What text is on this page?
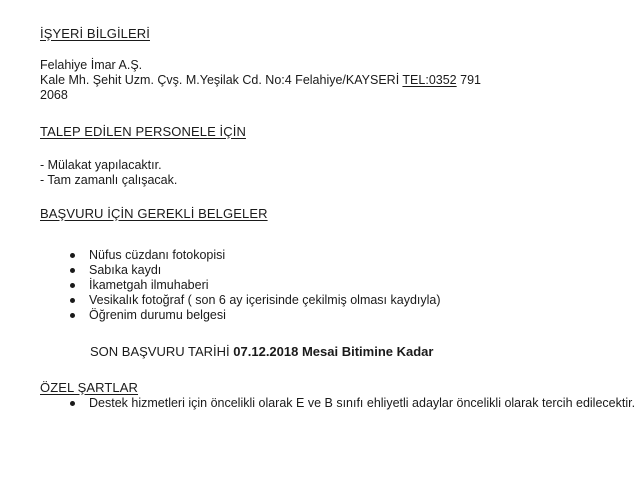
İŞYERİ BİLGİLERİ
Felahiye İmar A.Ş.
Kale Mh. Şehit Uzm. Çvş. M.Yeşilak Cd. No:4 Felahiye/KAYSERİ TEL:0352 791
2068
TALEP EDİLEN PERSONELE İÇİN
- Mülakat yapılacaktır.
- Tam zamanlı çalışacak.
BAŞVURU İÇİN GEREKLİ BELGELER
Nüfus cüzdanı fotokopisi
Sabıka kaydı
İkametgah ilmuhaberi
Vesikalık fotoğraf ( son 6 ay içerisinde çekilmiş olması kaydıyla)
Öğrenim durumu belgesi
SON BAŞVURU TARİHİ 07.12.2018 Mesai Bitimine Kadar
ÖZEL ŞARTLAR
Destek hizmetleri için öncelikli olarak E ve B sınıfı ehliyetli adaylar öncelikli olarak tercih edilecektir.
